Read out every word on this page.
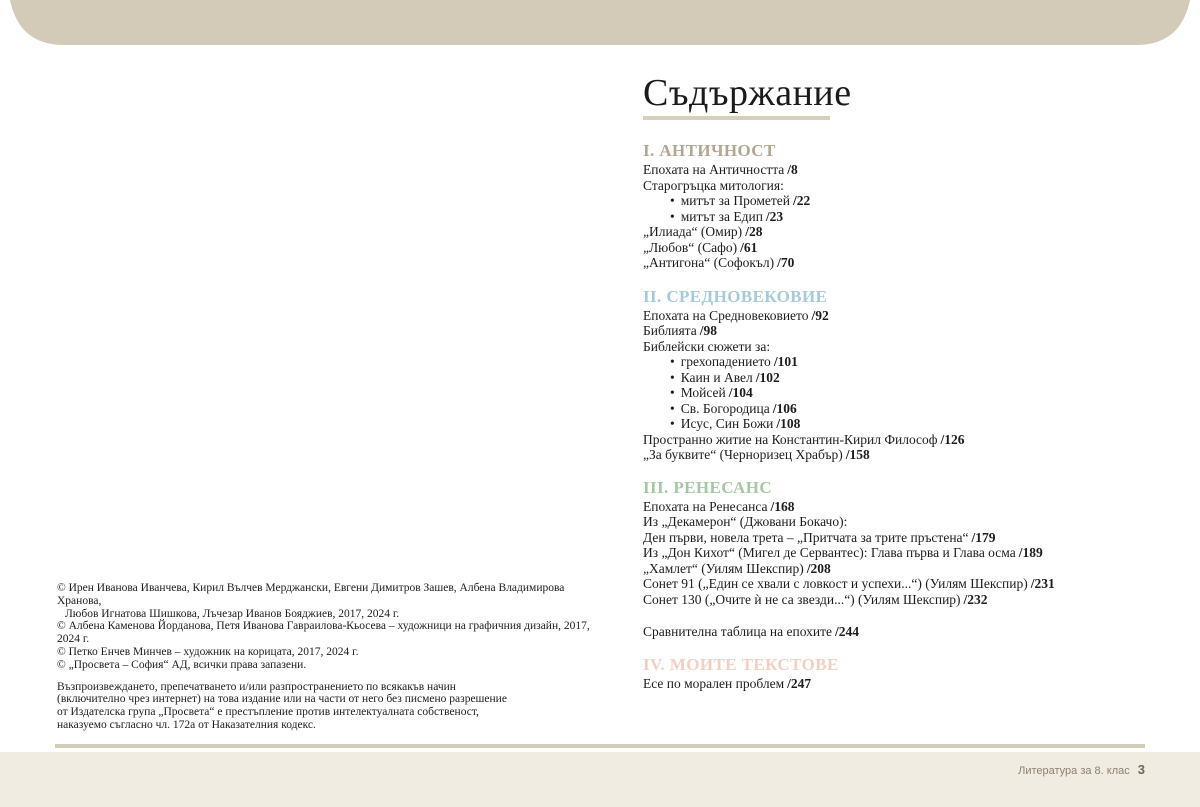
Съдържание
I. АНТИЧНОСТ
Епохата на Античността /8
Старогръцка митология:
• митът за Прометей /22
• митът за Едип /23
„Илиада“ (Омир) /28
„Любов“ (Сафо) /61
„Антигона“ (Софокъл) /70
II. СРЕДНОВЕКОВИЕ
Епохата на Средновековието /92
Библията /98
Библейски сюжети за:
• грехопадението /101
• Каин и Авел /102
• Мойсей /104
• Св. Богородица /106
• Исус, Син Божи /108
Пространно житие на Константин-Кирил Философ /126
„За буквите“ (Черноризец Храбър) /158
III. РЕНЕСАНС
Епохата на Ренесанса /168
Из „Декамерон“ (Джовани Бокачо):
Ден първи, новела трета – „Притчата за трите пръстена“ /179
Из „Дон Кихот“ (Мигел де Сервантес): Глава първа и Глава осма /189
„Хамлет“ (Уилям Шекспир) /208
Сонет 91 („Един се хвали с ловкост и успехи...“) (Уилям Шекспир) /231
Сонет 130 („Очите ѝ не са звезди...“) (Уилям Шекспир) /232
Сравнителна таблица на епохите /244
IV. МОИТЕ ТЕКСТОВЕ
Есе по морален проблем /247
© Ирен Иванова Иванчева, Кирил Вълчев Мерджански, Евгени Димитров Зашев, Албена Владимирова Хранова,
Любов Игнатова Шишкова, Лъчезар Иванов Бояджиев, 2017, 2024 г.
© Албена Каменова Йорданова, Петя Иванова Гавраилова-Кьосева – художници на графичния дизайн, 2017, 2024 г.
© Петко Енчев Минчев – художник на корицата, 2017, 2024 г.
© „Просвета – София“ АД, всички права запазени.
Възпроизвеждането, препечатването и/или разпространението по всякакъв начин
(включително чрез интернет) на това издание или на части от него без писмено разрешение
от Издателска група „Просвета“ е престъпление против интелектуалната собственост,
наказуемо съгласно чл. 172а от Наказателния кодекс.
Литература за 8. клас 3
